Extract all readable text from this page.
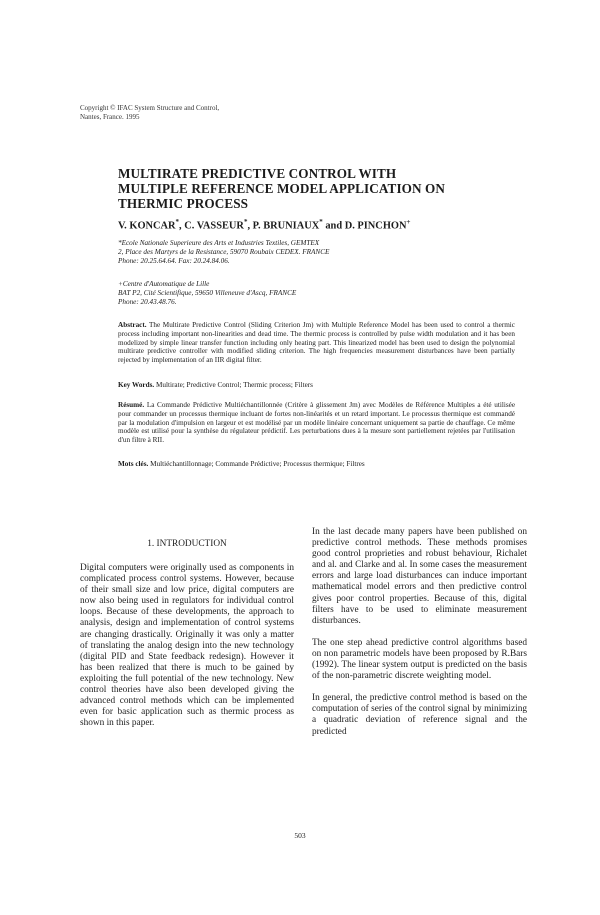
Copyright © IFAC System Structure and Control,
Nantes, France. 1995
MULTIRATE PREDICTIVE CONTROL WITH
MULTIPLE REFERENCE MODEL APPLICATION ON
THERMIC PROCESS
V. KONCAR*, C. VASSEUR*, P. BRUNIAUX* and D. PINCHON+
*Ecole Nationale Superieure des Arts et Industries Textiles, GEMTEX
2, Place des Martyrs de la Resistance, 59070 Roubaix CEDEX. FRANCE
Phone: 20.25.64.64. Fax: 20.24.84.06.
+Centre d'Automatique de Lille
BAT P2, Cité Scientifique, 59650 Villeneuve d'Ascq, FRANCE
Phone: 20.43.48.76.
Abstract. The Multirate Predictive Control (Sliding Criterion Jm) with Multiple Reference Model has been used to control a thermic process including important non-linearities and dead time. The thermic process is controlled by pulse width modulation and it has been modelized by simple linear transfer function including only heating part. This linearized model has been used to design the polynomial multirate predictive controller with modified sliding criterion. The high frequencies measurement disturbances have been partially rejected by implementation of an IIR digital filter.
Key Words. Multirate; Predictive Control; Thermic process; Filters
Résumé. La Commande Prédictive Multiéchantillonnée (Critère à glissement Jm) avec Modèles de Référence Multiples a été utilisée pour commander un processus thermique incluant de fortes non-linéarités et un retard important. Le processus thermique est commandé par la modulation d'impulsion en largeur et est modélisé par un modèle linéaire concernant uniquement sa partie de chauffage. Ce même modèle est utilisé pour la synthèse du régulateur prédictif. Les perturbations dues à la mesure sont partiellement rejetées par l'utilisation d'un filtre à RII.
Mots clés. Multiéchantillonnage; Commande Prédictive; Processus thermique; Filtres
1. INTRODUCTION

Digital computers were originally used as components in complicated process control systems. However, because of their small size and low price, digital computers are now also being used in regulators for individual control loops. Because of these developments, the approach to analysis, design and implementation of control systems are changing drastically. Originally it was only a matter of translating the analog design into the new technology (digital PID and State feedback redesign). However it has been realized that there is much to be gained by exploiting the full potential of the new technology. New control theories have also been developed giving the advanced control methods which can be implemented even for basic application such as thermic process as shown in this paper.

In the last decade many papers have been published on predictive control methods. These methods promises good control proprieties and robust behaviour, Richalet and al. and Clarke and al. In some cases the measurement errors and large load disturbances can induce important mathematical model errors and then predictive control gives poor control properties. Because of this, digital filters have to be used to eliminate measurement disturbances.

The one step ahead predictive control algorithms based on non parametric models have been proposed by R.Bars (1992). The linear system output is predicted on the basis of the non-parametric discrete weighting model.

In general, the predictive control method is based on the computation of series of the control signal by minimizing a quadratic deviation of reference signal and the predicted

503
